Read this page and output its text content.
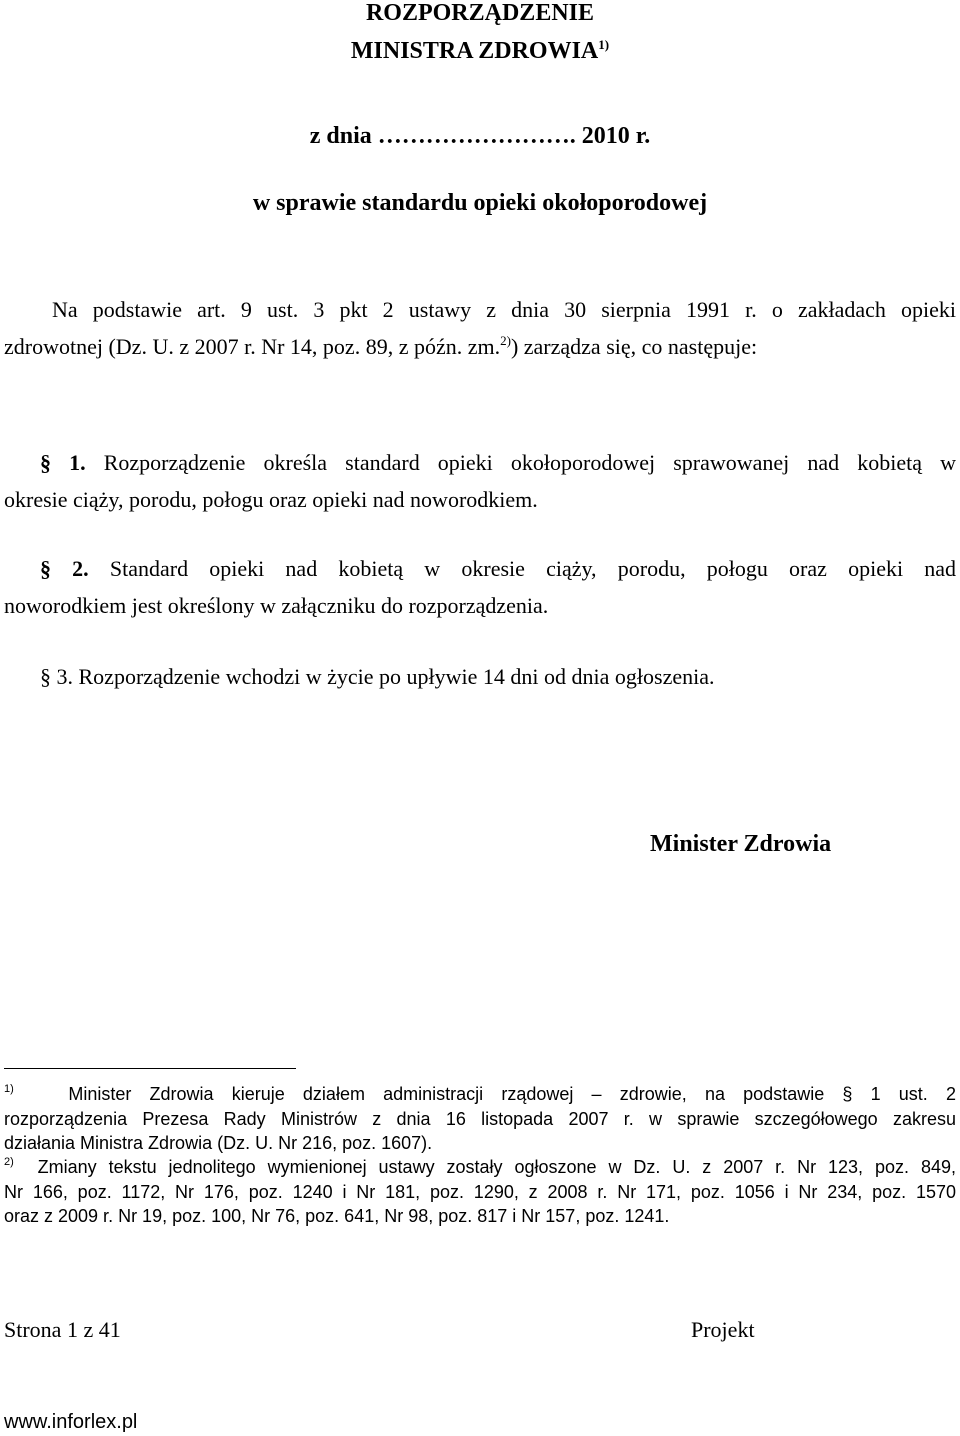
ROZPORZĄDZENIE
MINISTRA ZDROWIA$^{1)}$
z dnia ……………………. 2010 r.
w sprawie standardu opieki okołoporodowej
Na podstawie art. 9 ust. 3 pkt 2 ustawy z dnia 30 sierpnia 1991 r. o zakładach opieki
zdrowotnej (Dz. U. z 2007 r. Nr 14, poz. 89, z późn. zm.$^{2)}$) zarządza się, co następuje:
§ 1. Rozporządzenie określa standard opieki okołoporodowej sprawowanej nad kobietą w
okresie ciąży, porodu, połogu oraz opieki nad noworodkiem.
§ 2. Standard opieki nad kobietą w okresie ciąży, porodu, połogu oraz opieki nad
noworodkiem jest określony w załączniku do rozporządzenia.
§ 3. Rozporządzenie wchodzi w życie po upływie 14 dni od dnia ogłoszenia.
Minister Zdrowia
$^{1)}$	Minister Zdrowia kieruje działem administracji rządowej – zdrowie, na podstawie § 1 ust. 2
rozporządzenia Prezesa Rady Ministrów z dnia 16 listopada 2007 r. w sprawie szczegółowego zakresu
działania Ministra Zdrowia (Dz. U. Nr 216, poz. 1607).
$^{2)}$ Zmiany tekstu jednolitego wymienionej ustawy zostały ogłoszone w Dz. U. z 2007 r. Nr 123, poz. 849,
Nr 166, poz. 1172, Nr 176, poz. 1240 i Nr 181, poz. 1290, z 2008 r. Nr 171, poz. 1056 i Nr 234, poz. 1570
oraz z 2009 r. Nr 19, poz. 100, Nr 76, poz. 641, Nr 98, poz. 817 i Nr 157, poz. 1241.
Strona 1 z 41	Projekt
www.inforlex.pl
